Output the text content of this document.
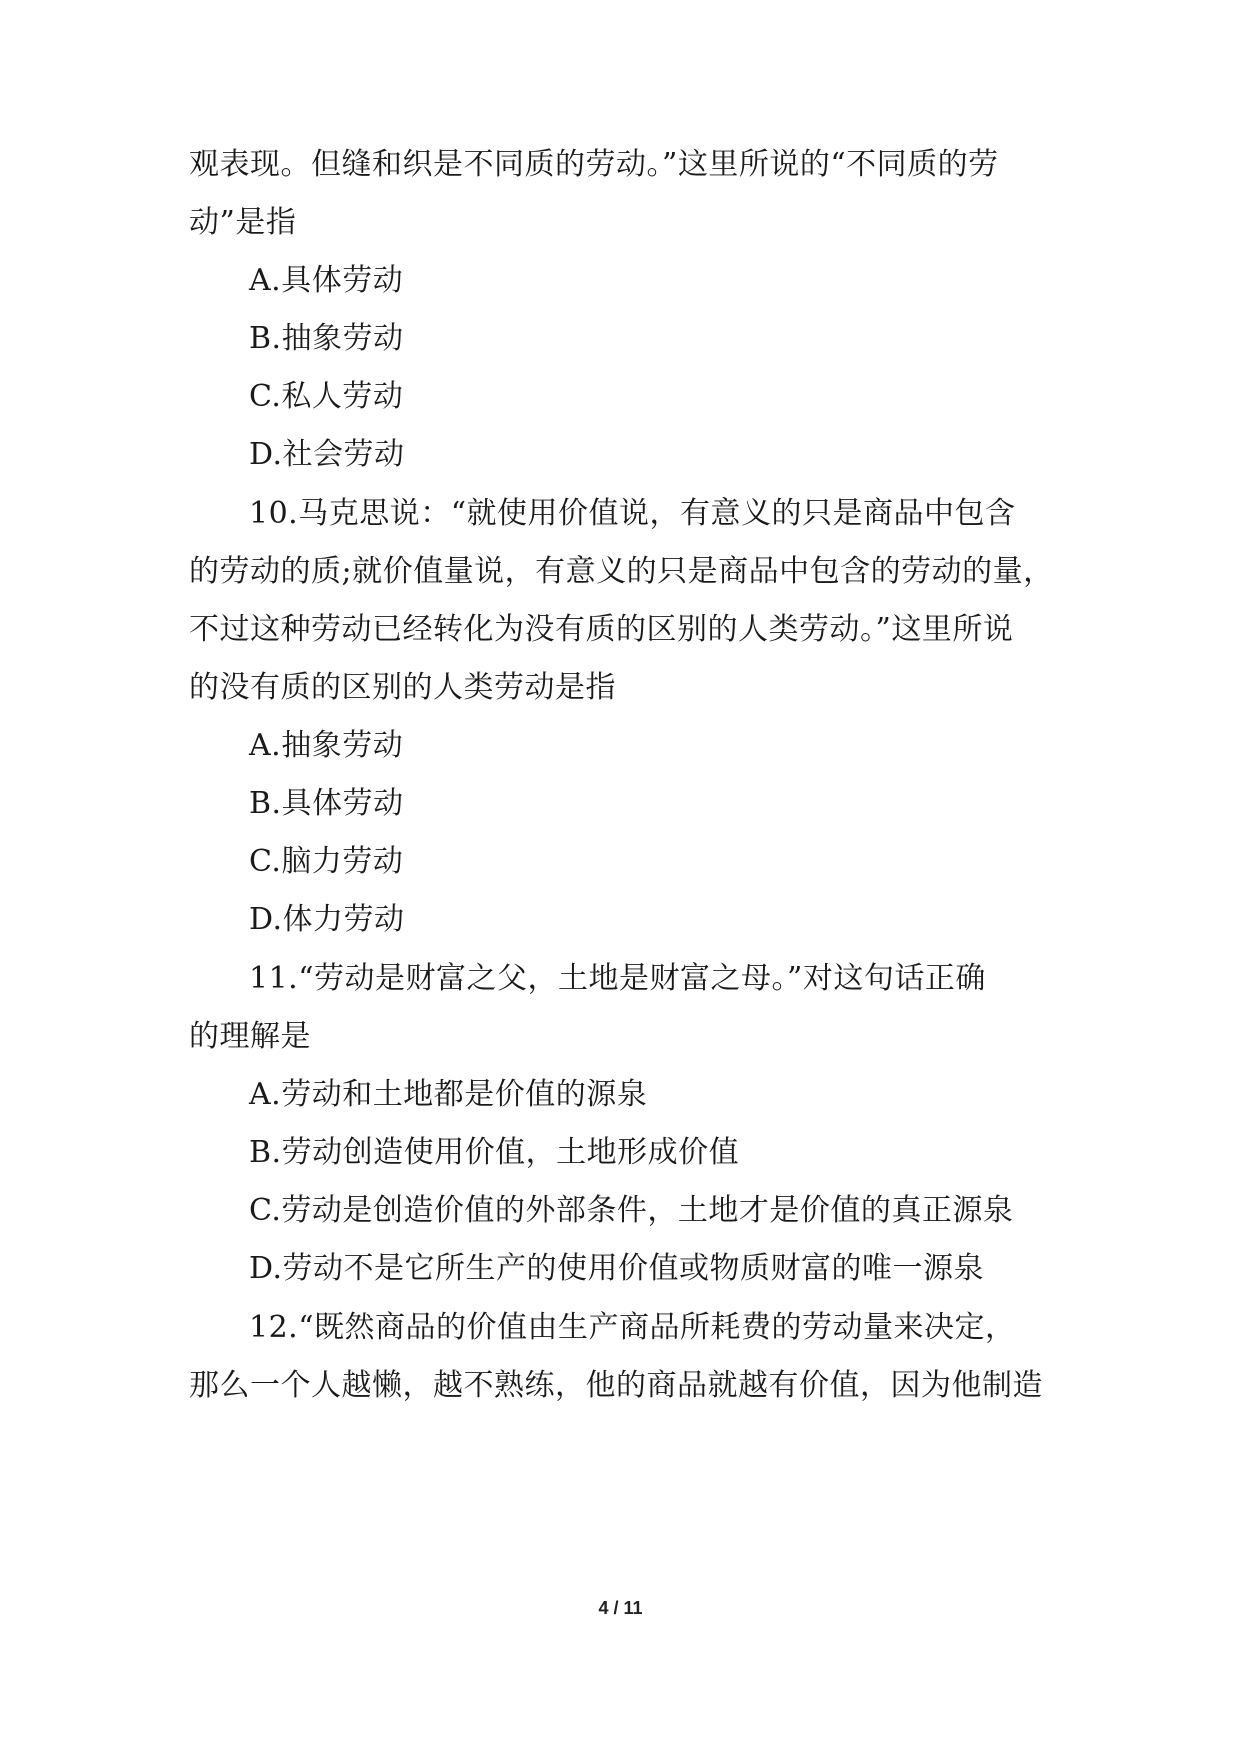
观表现。但缝和织是不同质的劳动。”这里所说的“不同质的劳
动”是指
A.具体劳动
B.抽象劳动
C.私人劳动
D.社会劳动
10.马克思说：“就使用价值说，有意义的只是商品中包含
的劳动的质;就价值量说，有意义的只是商品中包含的劳动的量，
不过这种劳动已经转化为没有质的区别的人类劳动。”这里所说
的没有质的区别的人类劳动是指
A.抽象劳动
B.具体劳动
C.脑力劳动
D.体力劳动
11.“劳动是财富之父，土地是财富之母。”对这句话正确
的理解是
A.劳动和土地都是价值的源泉
B.劳动创造使用价值，土地形成价值
C.劳动是创造价值的外部条件，土地才是价值的真正源泉
D.劳动不是它所生产的使用价值或物质财富的唯一源泉
12.“既然商品的价值由生产商品所耗费的劳动量来决定，
那么一个人越懒，越不熟练，他的商品就越有价值，因为他制造
4 / 11
